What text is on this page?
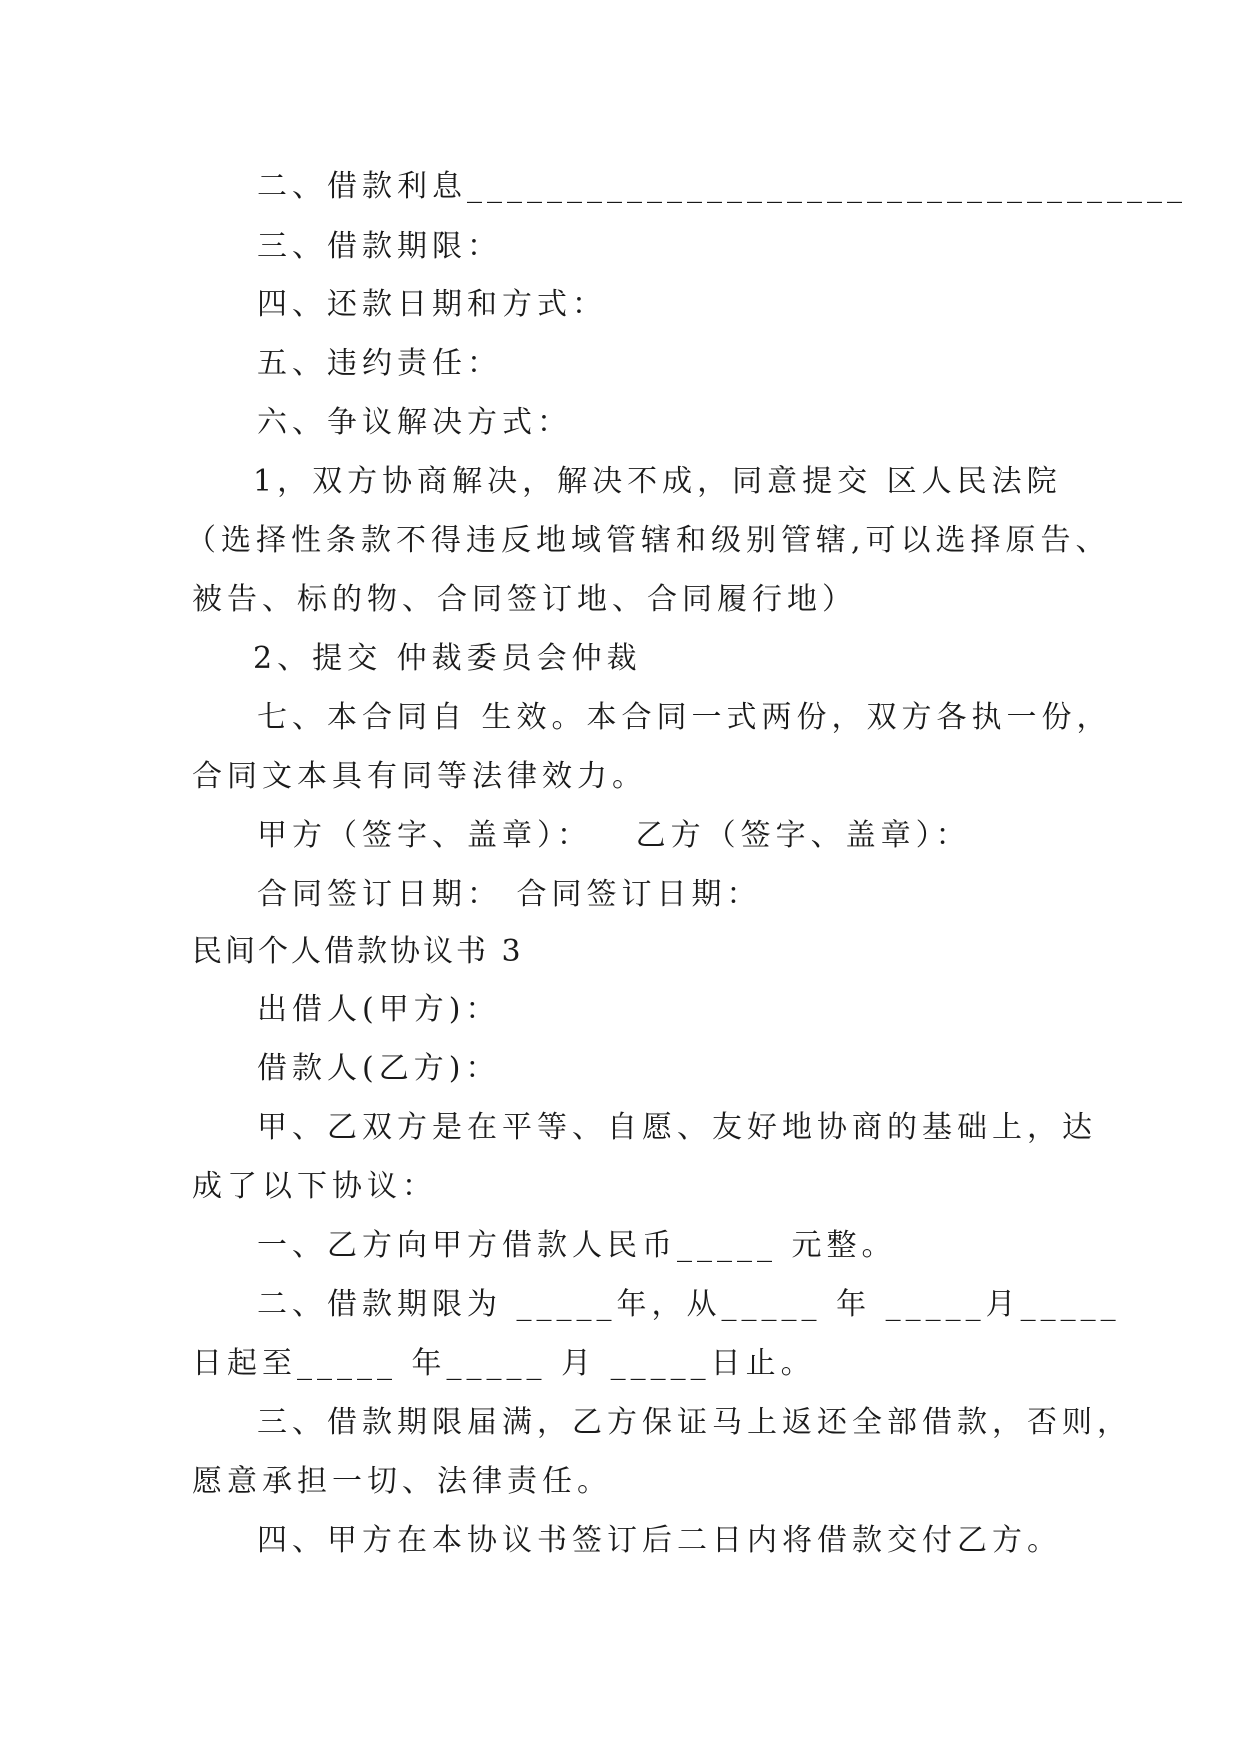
二、借款利息____________________________________
三、借款期限：
四、还款日期和方式：
五、违约责任：
六、争议解决方式：
1，双方协商解决，解决不成，同意提交 区人民法院
（选择性条款不得违反地域管辖和级别管辖,可以选择原告、
被告、标的物、合同签订地、合同履行地）
2、提交 仲裁委员会仲裁
七、本合同自 生效。本合同一式两份，双方各执一份，
合同文本具有同等法律效力。
甲方（签字、盖章）：   乙方（签字、盖章）：
合同签订日期： 合同签订日期：
民间个人借款协议书 3
出借人(甲方)：
借款人(乙方)：
甲、乙双方是在平等、自愿、友好地协商的基础上，达
成了以下协议：
一、乙方向甲方借款人民币_____ 元整。
二、借款期限为 _____年，从_____ 年 _____月_____
日起至_____ 年_____ 月 _____日止。
三、借款期限届满，乙方保证马上返还全部借款，否则，
愿意承担一切、法律责任。
四、甲方在本协议书签订后二日内将借款交付乙方。
